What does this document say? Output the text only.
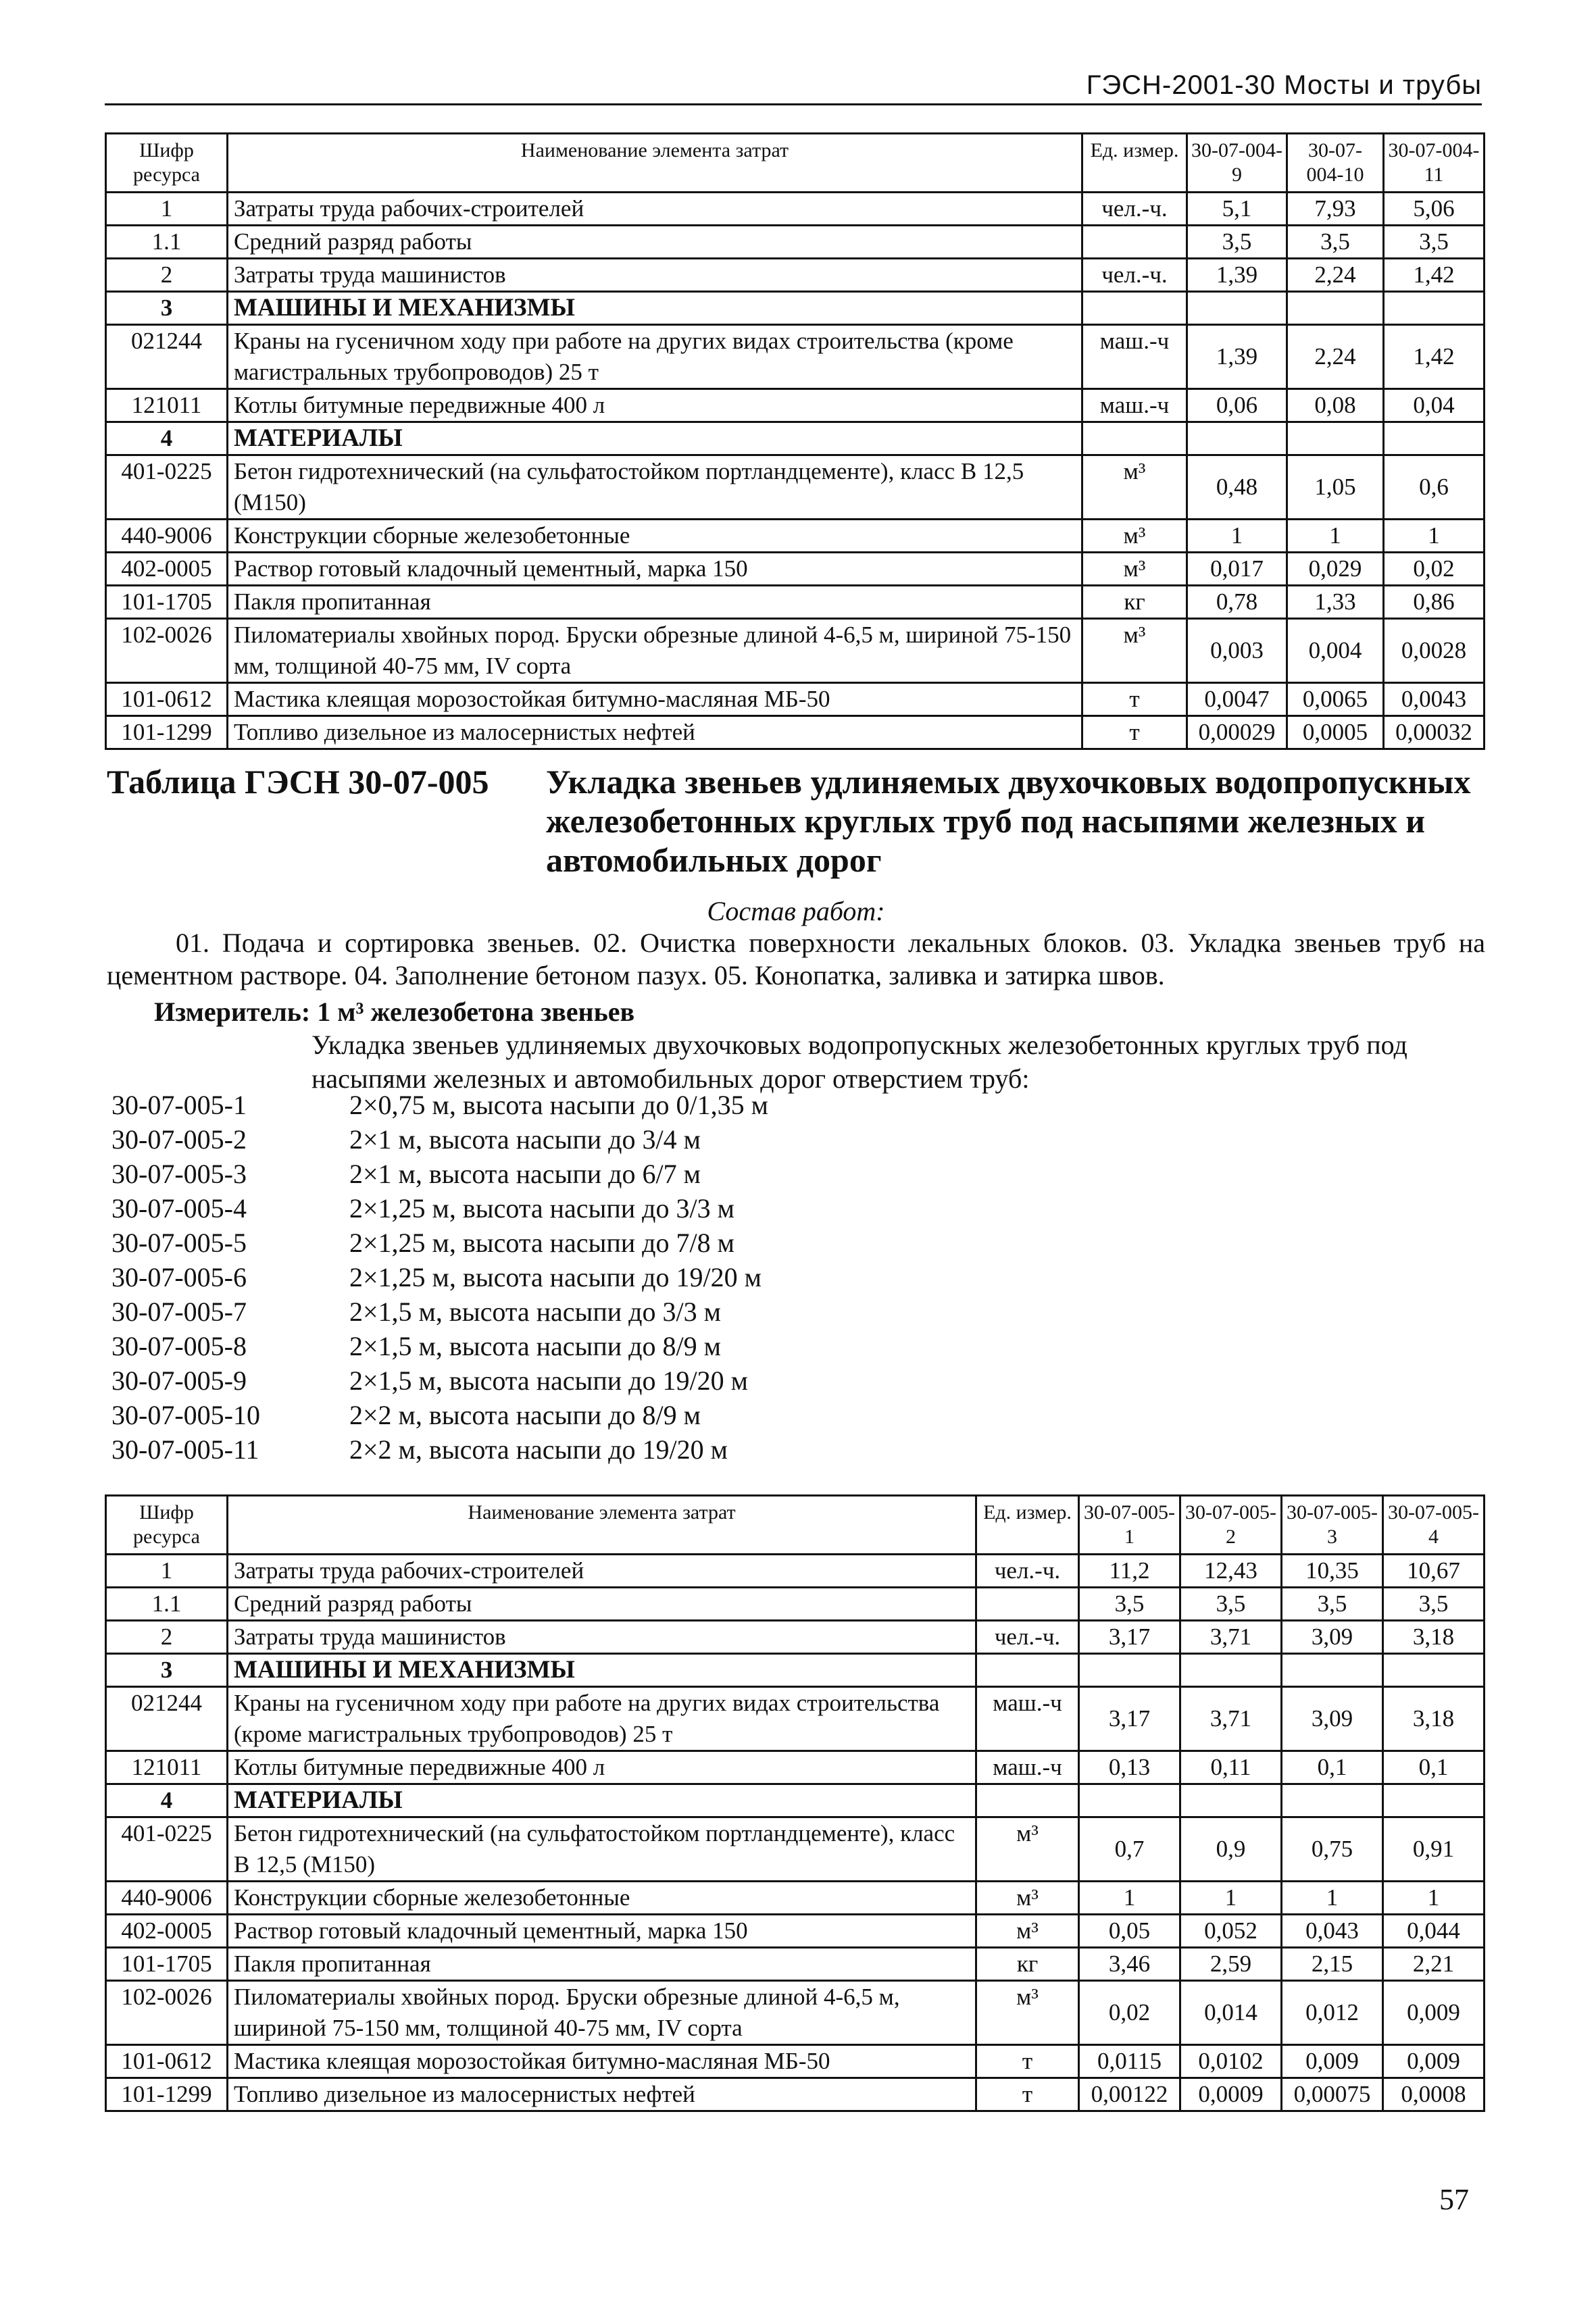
ГЭСН-2001-30 Мосты и трубы
Шифр ресурса	Наименование элемента затрат	Ед. измер.	30-07-004-9	30-07-004-10	30-07-004-11
1	Затраты труда рабочих-строителей	чел.-ч.	5,1	7,93	5,06
1.1	Средний разряд работы		3,5	3,5	3,5
2	Затраты труда машинистов	чел.-ч.	1,39	2,24	1,42
3	МАШИНЫ И МЕХАНИЗМЫ				
021244	Краны на гусеничном ходу при работе на других видах строительства (кроме магистральных трубопроводов) 25 т	маш.-ч	1,39	2,24	1,42
121011	Котлы битумные передвижные 400 л	маш.-ч	0,06	0,08	0,04
4	МАТЕРИАЛЫ				
401-0225	Бетон гидротехнический (на сульфатостойком портландцементе), класс В 12,5 (М150)	м³	0,48	1,05	0,6
440-9006	Конструкции сборные железобетонные	м³	1	1	1
402-0005	Раствор готовый кладочный цементный, марка 150	м³	0,017	0,029	0,02
101-1705	Пакля пропитанная	кг	0,78	1,33	0,86
102-0026	Пиломатериалы хвойных пород. Бруски обрезные длиной 4-6,5 м, шириной 75-150 мм, толщиной 40-75 мм, IV сорта	м³	0,003	0,004	0,0028
101-0612	Мастика клеящая морозостойкая битумно-масляная МБ-50	т	0,0047	0,0065	0,0043
101-1299	Топливо дизельное из малосернистых нефтей	т	0,00029	0,0005	0,00032
Таблица ГЭСН 30-07-005 Укладка звеньев удлиняемых двухочковых водопропускных железобетонных круглых труб под насыпями железных и автомобильных дорог
Состав работ:
01. Подача и сортировка звеньев. 02. Очистка поверхности лекальных блоков. 03. Укладка звеньев труб на цементном растворе. 04. Заполнение бетоном пазух. 05. Конопатка, заливка и затирка швов.
Измеритель: 1 м³ железобетона звеньев
Укладка звеньев удлиняемых двухочковых водопропускных железобетонных круглых труб под насыпями железных и автомобильных дорог отверстием труб:
30-07-005-1	2×0,75 м, высота насыпи до 0/1,35 м
30-07-005-2	2×1 м, высота насыпи до 3/4 м
30-07-005-3	2×1 м, высота насыпи до 6/7 м
30-07-005-4	2×1,25 м, высота насыпи до 3/3 м
30-07-005-5	2×1,25 м, высота насыпи до 7/8 м
30-07-005-6	2×1,25 м, высота насыпи до 19/20 м
30-07-005-7	2×1,5 м, высота насыпи до 3/3 м
30-07-005-8	2×1,5 м, высота насыпи до 8/9 м
30-07-005-9	2×1,5 м, высота насыпи до 19/20 м
30-07-005-10	2×2 м, высота насыпи до 8/9 м
30-07-005-11	2×2 м, высота насыпи до 19/20 м
Шифр ресурса	Наименование элемента затрат	Ед. измер.	30-07-005-1	30-07-005-2	30-07-005-3	30-07-005-4
1	Затраты труда рабочих-строителей	чел.-ч.	11,2	12,43	10,35	10,67
1.1	Средний разряд работы		3,5	3,5	3,5	3,5
2	Затраты труда машинистов	чел.-ч.	3,17	3,71	3,09	3,18
3	МАШИНЫ И МЕХАНИЗМЫ					
021244	Краны на гусеничном ходу при работе на других видах строительства (кроме магистральных трубопроводов) 25 т	маш.-ч	3,17	3,71	3,09	3,18
121011	Котлы битумные передвижные 400 л	маш.-ч	0,13	0,11	0,1	0,1
4	МАТЕРИАЛЫ					
401-0225	Бетон гидротехнический (на сульфатостойком портландцементе), класс В 12,5 (М150)	м³	0,7	0,9	0,75	0,91
440-9006	Конструкции сборные железобетонные	м³	1	1	1	1
402-0005	Раствор готовый кладочный цементный, марка 150	м³	0,05	0,052	0,043	0,044
101-1705	Пакля пропитанная	кг	3,46	2,59	2,15	2,21
102-0026	Пиломатериалы хвойных пород. Бруски обрезные длиной 4-6,5 м, шириной 75-150 мм, толщиной 40-75 мм, IV сорта	м³	0,02	0,014	0,012	0,009
101-0612	Мастика клеящая морозостойкая битумно-масляная МБ-50	т	0,0115	0,0102	0,009	0,009
101-1299	Топливо дизельное из малосернистых нефтей	т	0,00122	0,0009	0,00075	0,0008
57
